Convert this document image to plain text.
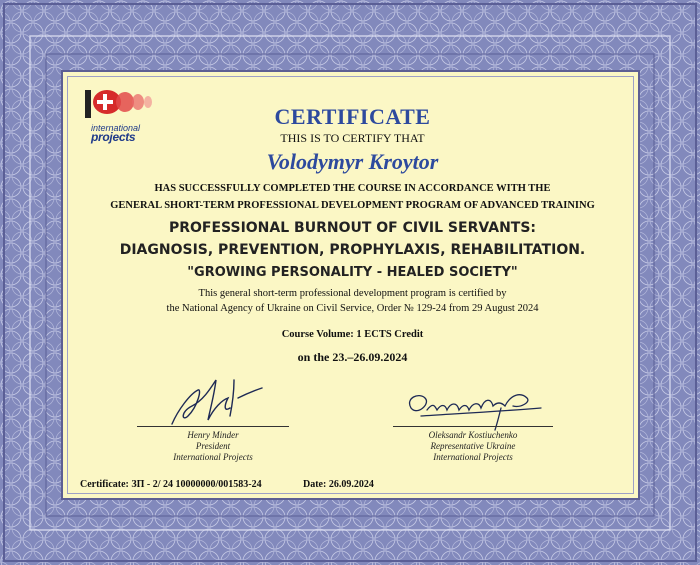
international
projects
CERTIFICATE
THIS IS TO CERTIFY THAT
Volodymyr Kroytor
HAS SUCCESSFULLY COMPLETED THE COURSE IN ACCORDANCE WITH THE
GENERAL SHORT-TERM PROFESSIONAL DEVELOPMENT PROGRAM OF ADVANCED TRAINING
PROFESSIONAL BURNOUT OF CIVIL SERVANTS:
DIAGNOSIS, PREVENTION, PROPHYLAXIS, REHABILITATION.
"GROWING PERSONALITY - HEALED SOCIETY"
This general short-term professional development program is certified by
the National Agency of Ukraine on Civil Service, Order № 129-24 from 29 August 2024
Course Volume: 1 ECTS Credit
on the 23.–26.09.2024
Henry Minder
President
International Projects
Oleksandr Kostiuchenko
Representative Ukraine
International Projects
Certificate: ЗП - 2/ 24 10000000/001583-24	Date: 26.09.2024
